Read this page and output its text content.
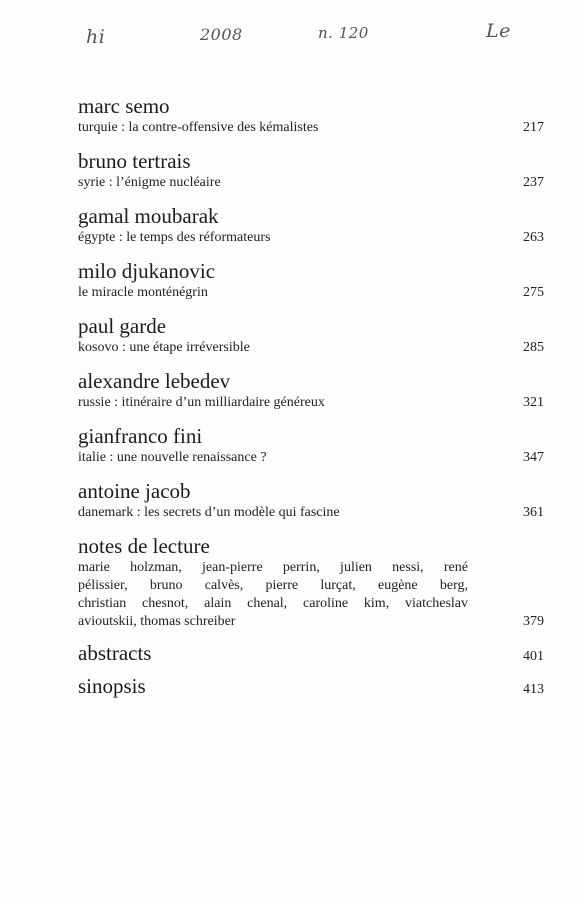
hi	2008	n. 120	Le
marc semo
turquie : la contre-offensive des kémalistes	217
bruno tertrais
syrie : l’énigme nucléaire	237
gamal moubarak
égypte : le temps des réformateurs	263
milo djukanovic
le miracle monténégrin	275
paul garde
kosovo : une étape irréversible	285
alexandre lebedev
russie : itinéraire d’un milliardaire généreux	321
gianfranco fini
italie : une nouvelle renaissance ?	347
antoine jacob
danemark : les secrets d’un modèle qui fascine	361
notes de lecture
marie holzman, jean-pierre perrin, julien nessi, rené
pélissier, bruno calvès, pierre lurçat, eugène berg,
christian chesnot, alain chenal, caroline kim, viatcheslav
avioutskii, thomas schreiber	379
abstracts	401
sinopsis	413
